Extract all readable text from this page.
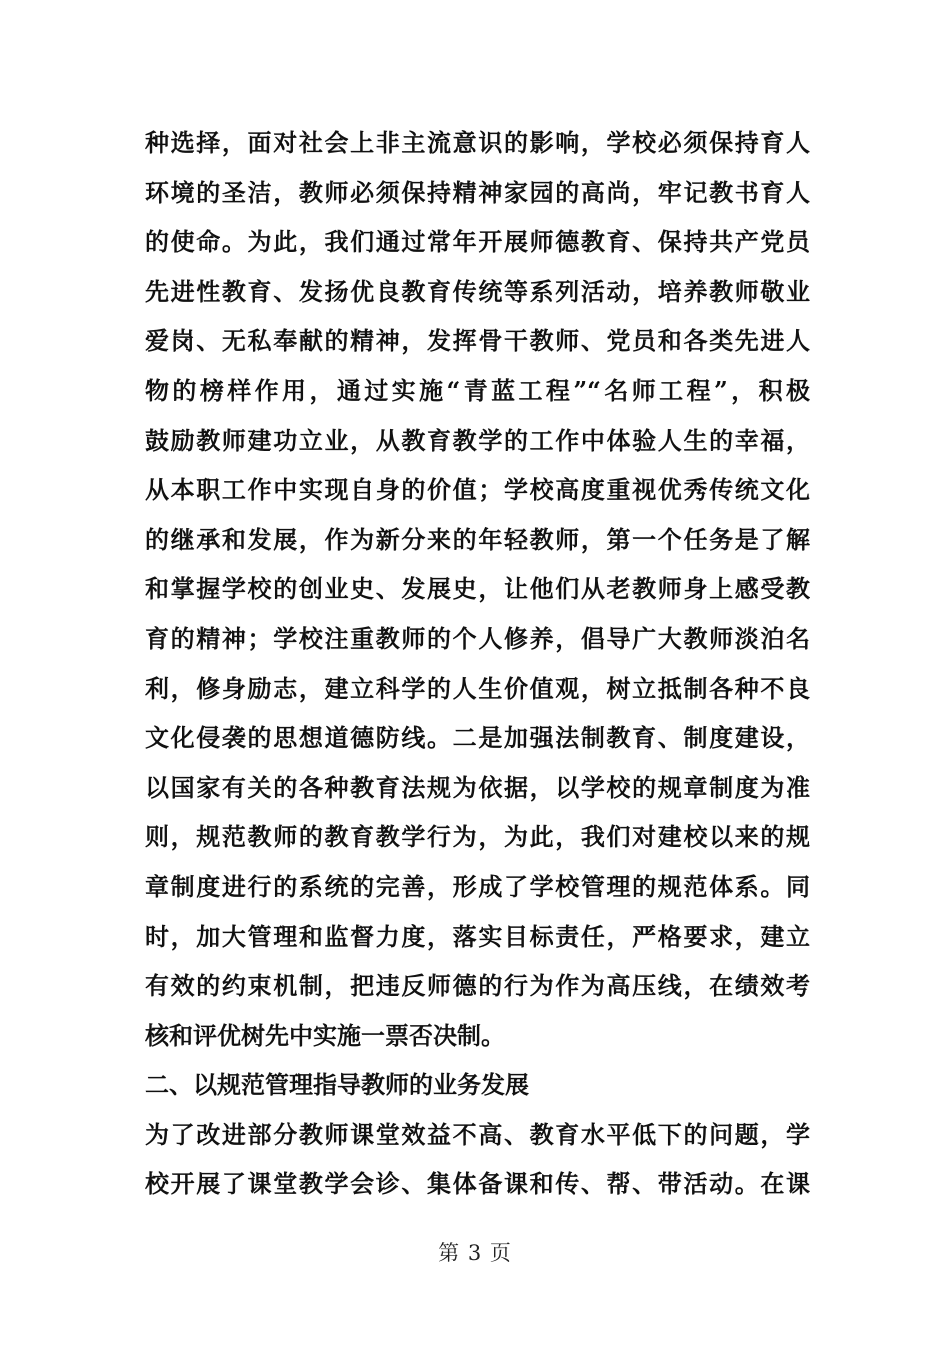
种选择，面对社会上非主流意识的影响，学校必须保持育人
环境的圣洁，教师必须保持精神家园的高尚，牢记教书育人
的使命。为此，我们通过常年开展师德教育、保持共产党员
先进性教育、发扬优良教育传统等系列活动，培养教师敬业
爱岗、无私奉献的精神，发挥骨干教师、党员和各类先进人
物的榜样作用，通过实施“青蓝工程”“名师工程”，积极
鼓励教师建功立业，从教育教学的工作中体验人生的幸福，
从本职工作中实现自身的价值；学校高度重视优秀传统文化
的继承和发展，作为新分来的年轻教师，第一个任务是了解
和掌握学校的创业史、发展史，让他们从老教师身上感受教
育的精神；学校注重教师的个人修养，倡导广大教师淡泊名
利，修身励志，建立科学的人生价值观，树立抵制各种不良
文化侵袭的思想道德防线。二是加强法制教育、制度建设，
以国家有关的各种教育法规为依据，以学校的规章制度为准
则，规范教师的教育教学行为，为此，我们对建校以来的规
章制度进行的系统的完善，形成了学校管理的规范体系。同
时，加大管理和监督力度，落实目标责任，严格要求，建立
有效的约束机制，把违反师德的行为作为高压线，在绩效考
核和评优树先中实施一票否决制。
二、以规范管理指导教师的业务发展
为了改进部分教师课堂效益不高、教育水平低下的问题，学
校开展了课堂教学会诊、集体备课和传、帮、带活动。在课
第 3 页
